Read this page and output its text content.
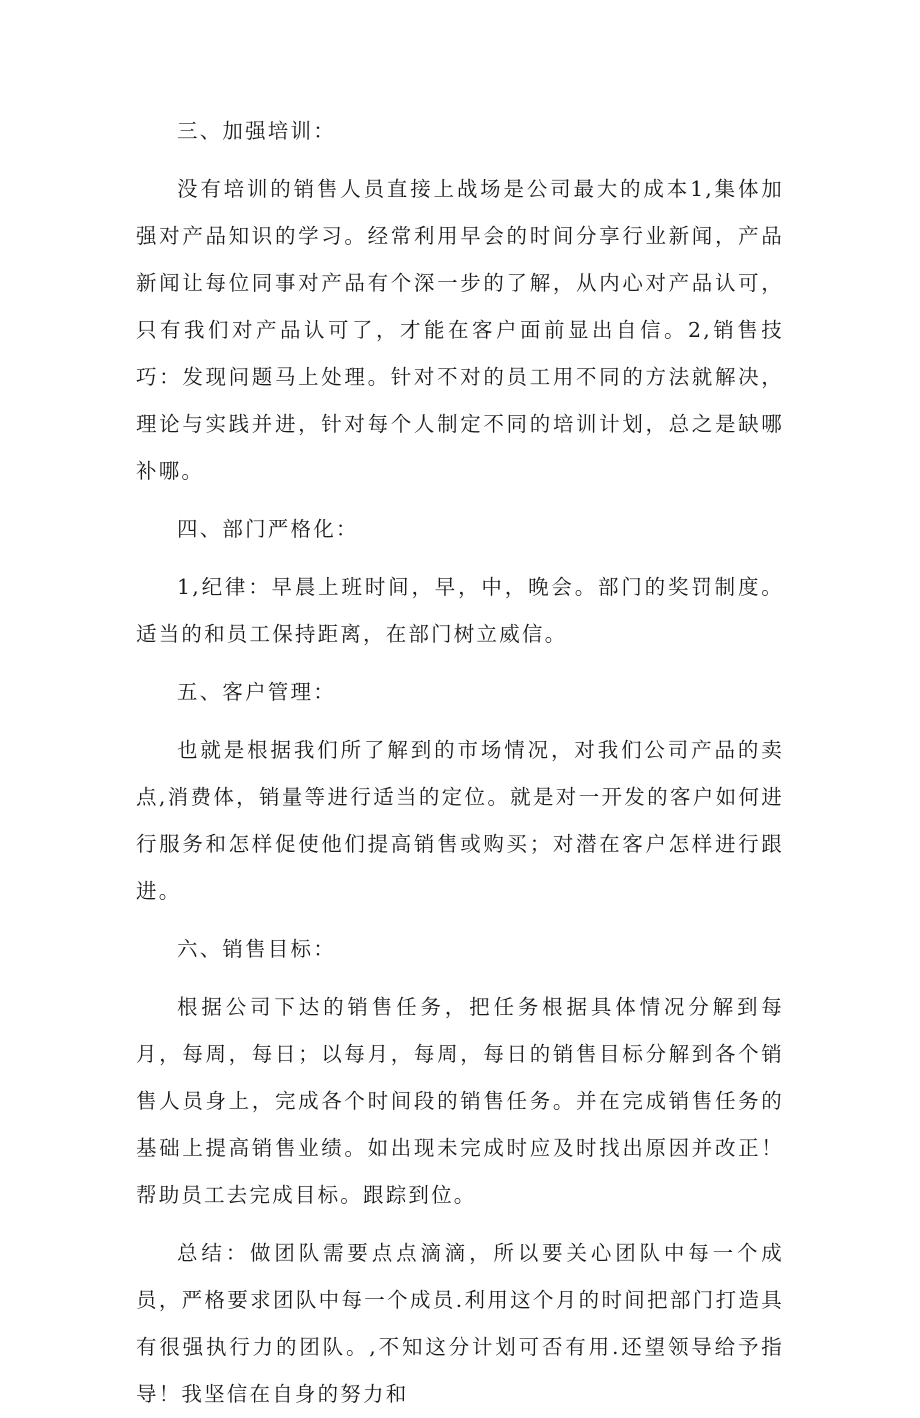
三、加强培训：

没有培训的销售人员直接上战场是公司最大的成本1,集体加强对产品知识的学习。经常利用早会的时间分享行业新闻，产品新闻让每位同事对产品有个深一步的了解，从内心对产品认可，只有我们对产品认可了，才能在客户面前显出自信。2,销售技巧：发现问题马上处理。针对不对的员工用不同的方法就解决，理论与实践并进，针对每个人制定不同的培训计划，总之是缺哪补哪。

四、部门严格化：

1,纪律：早晨上班时间，早，中，晚会。部门的奖罚制度。适当的和员工保持距离，在部门树立威信。

五、客户管理：

也就是根据我们所了解到的市场情况，对我们公司产品的卖点,消费体，销量等进行适当的定位。就是对一开发的客户如何进行服务和怎样促使他们提高销售或购买；对潜在客户怎样进行跟进。

六、销售目标：

根据公司下达的销售任务，把任务根据具体情况分解到每月，每周，每日；以每月，每周，每日的销售目标分解到各个销售人员身上，完成各个时间段的销售任务。并在完成销售任务的基础上提高销售业绩。如出现未完成时应及时找出原因并改正！帮助员工去完成目标。跟踪到位。

总结：做团队需要点点滴滴，所以要关心团队中每一个成员，严格要求团队中每一个成员.利用这个月的时间把部门打造具有很强执行力的团队。,不知这分计划可否有用.还望领导给予指导！我坚信在自身的努力和
